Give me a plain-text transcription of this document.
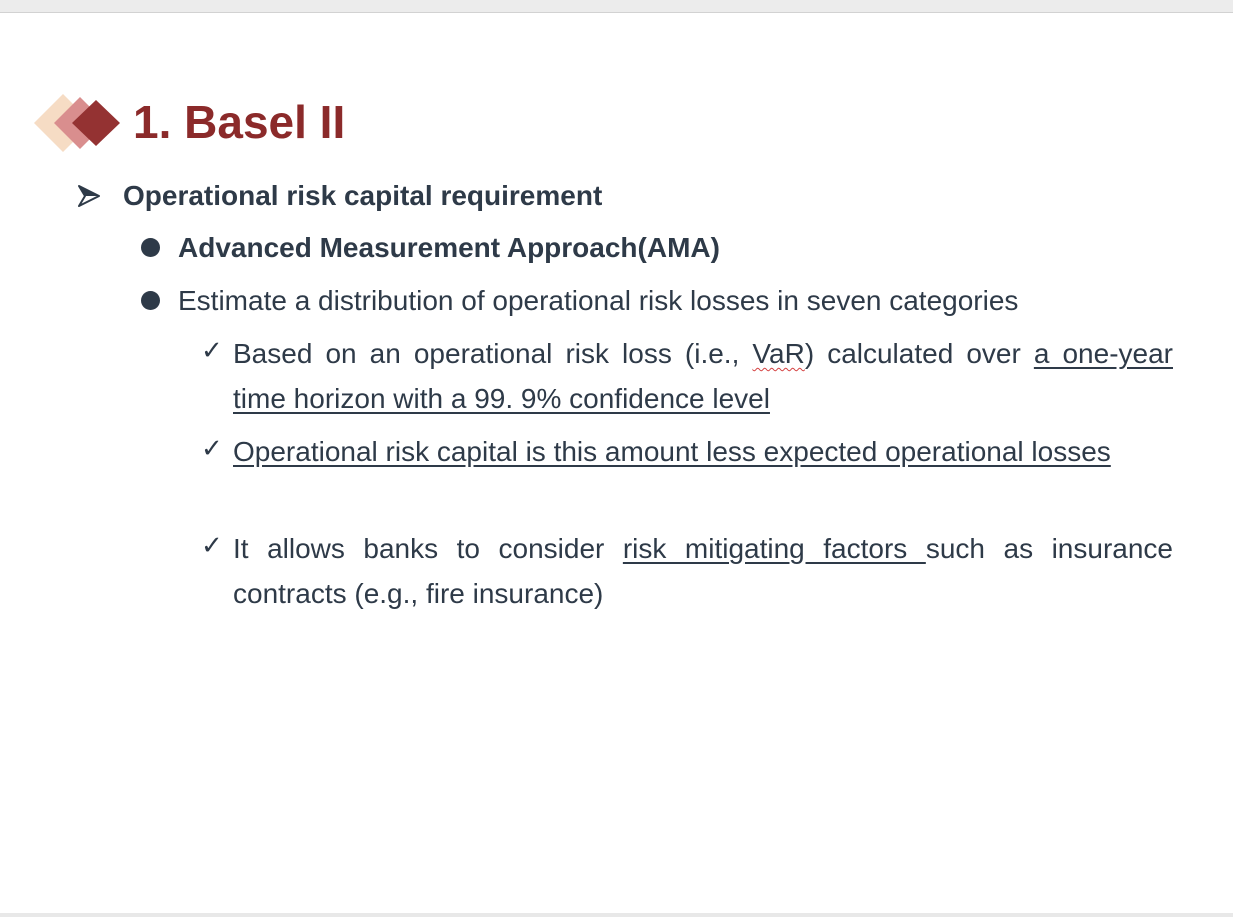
1. Basel II
Operational risk capital requirement
Advanced Measurement Approach(AMA)
Estimate a distribution of operational risk losses in seven categories
✓ Based on an operational risk loss (i.e., VaR) calculated over a one-year time horizon with a 99. 9% confidence level
✓ Operational risk capital is this amount less expected operational losses
✓ It allows banks to consider risk mitigating factors such as insurance contracts (e.g., fire insurance)
